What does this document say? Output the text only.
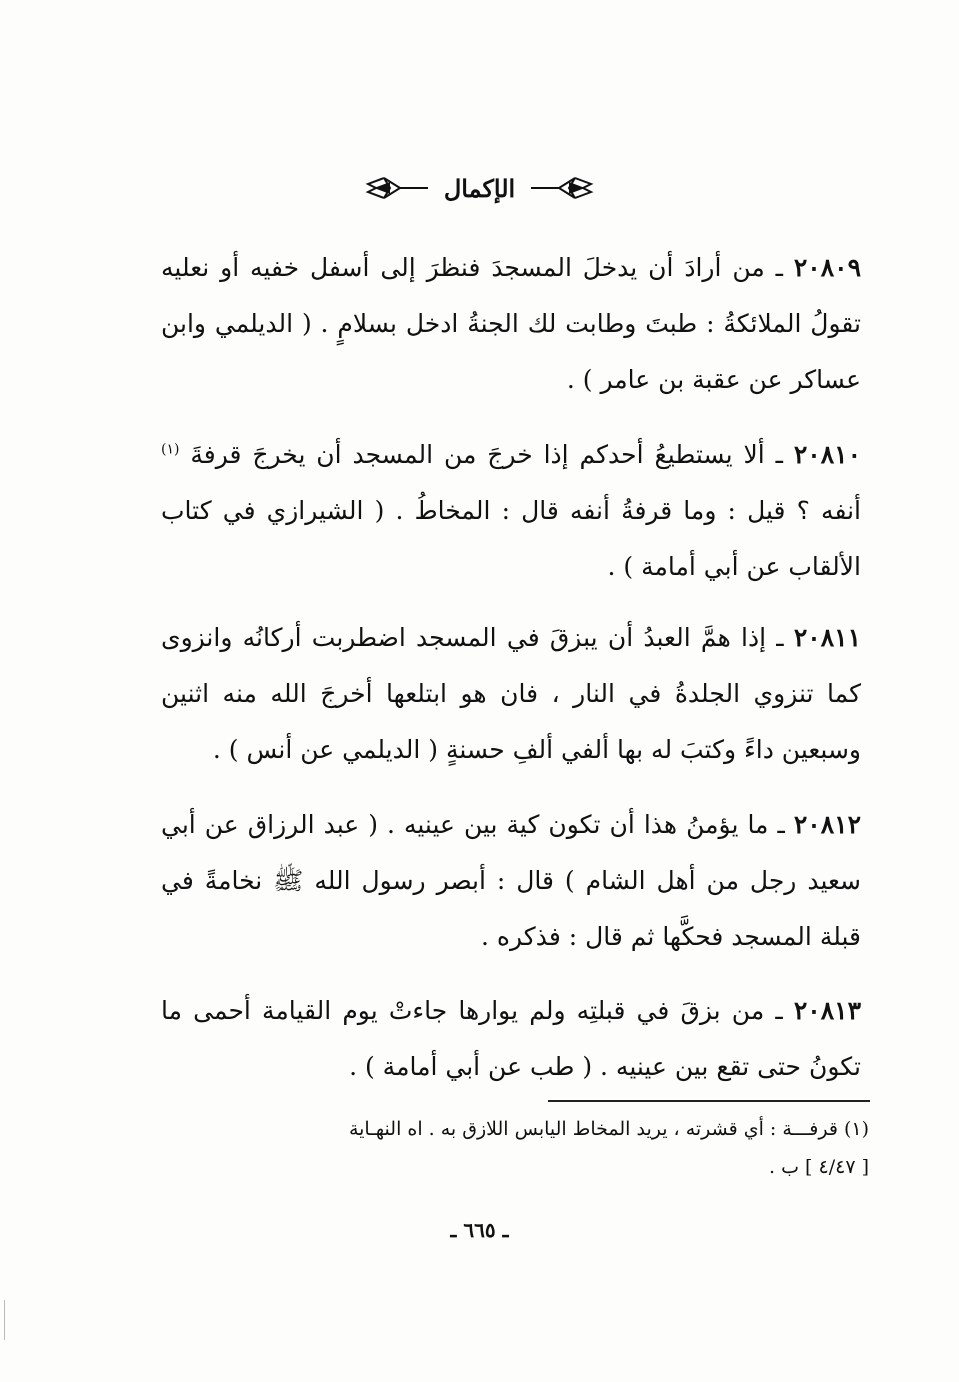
الإكمال
٢٠٨٠٩ ـ من أرادَ أن يدخلَ المسجدَ فنظرَ إلى أسفل خفيه أو نعليه تقولُ الملائكةُ : طبتَ وطابت لك الجنةُ ادخل بسلامٍ . ( الديلمي وابن عساكر عن عقبة بن عامر ) .
٢٠٨١٠ ـ ألا يستطيعُ أحدكم إذا خرجَ من المسجد أن يخرجَ قرفةَ $^{(١)}$ أنفه ؟ قيل : وما قرفةُ أنفه قال : المخاطُ . ( الشيرازي في كتاب الألقاب عن أبي أمامة ) .
٢٠٨١١ ـ إذا همَّ العبدُ أن يبزقَ في المسجد اضطربت أركانُه وانزوى كما تنزوي الجلدةُ في النار ، فان هو ابتلعها أخرجَ الله منه اثنين وسبعين داءً وكتبَ له بها ألفي ألفِ حسنةٍ ( الديلمي عن أنس ) .
٢٠٨١٢ ـ ما يؤمنُ هذا أن تكون كية بين عينيه . ( عبد الرزاق عن أبي سعيد رجل من أهل الشام ) قال : أبصر رسول الله ﷺ نخامةً في قبلة المسجد فحكَّها ثم قال : فذكره .
٢٠٨١٣ ـ من بزقَ في قبلتِه ولم يوارها جاءتْ يوم القيامة أحمى ما تكونُ حتى تقع بين عينيه . ( طب عن أبي أمامة ) .
(١) قرفـــة : أي قشرته ، يريد المخاط اليابس اللازق به . اه النهـاية
[ ٤/٤٧ ] ب .
ـ ٦٦٥ ـ
